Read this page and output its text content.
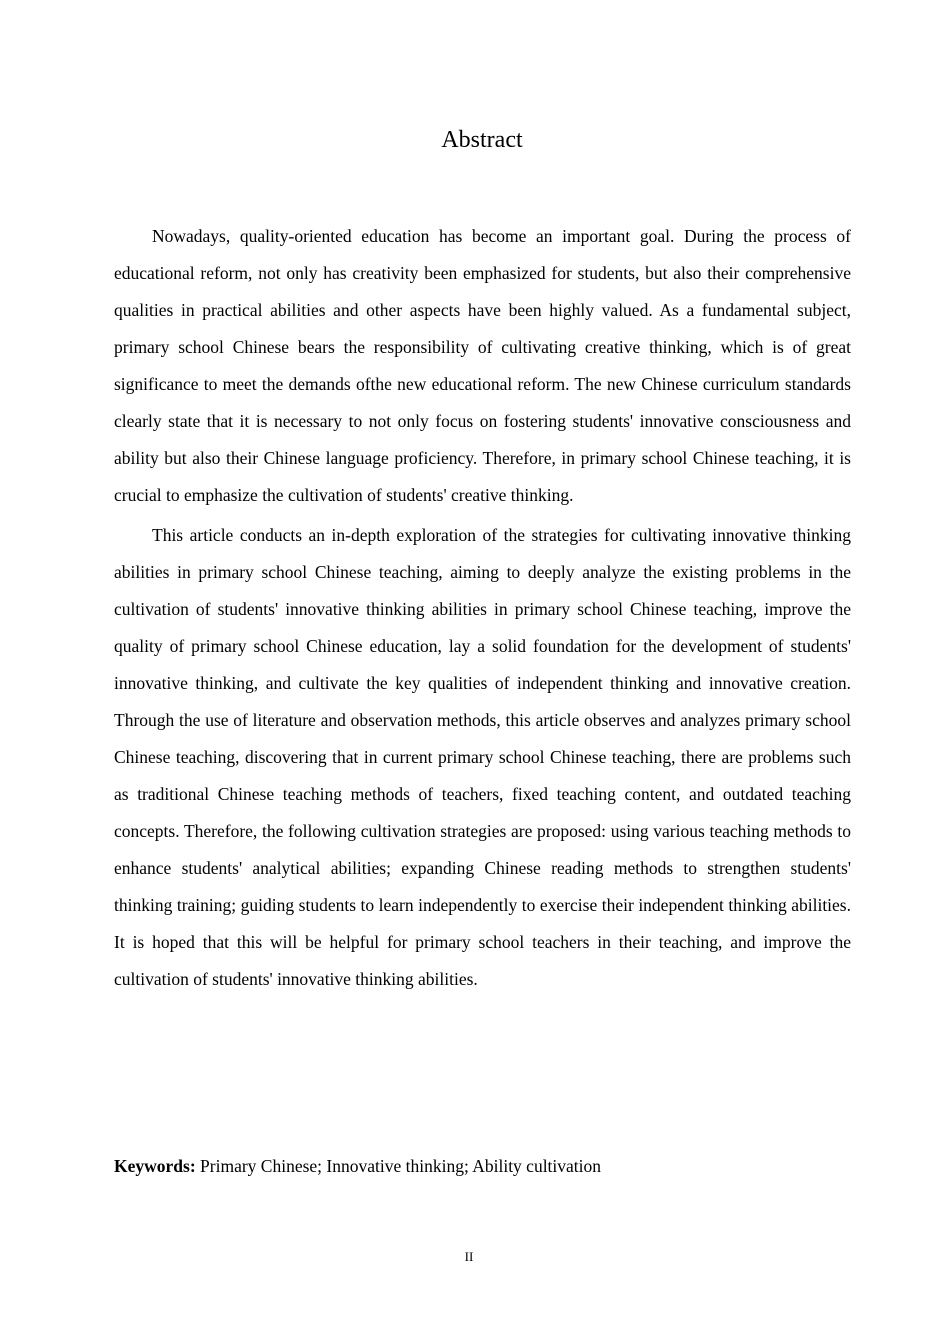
Abstract

Nowadays, quality-oriented education has become an important goal. During the process of educational reform, not only has creativity been emphasized for students, but also their comprehensive qualities in practical abilities and other aspects have been highly valued. As a fundamental subject, primary school Chinese bears the responsibility of cultivating creative thinking, which is of great significance to meet the demands ofthe new educational reform. The new Chinese curriculum standards clearly state that it is necessary to not only focus on fostering students' innovative consciousness and ability but also their Chinese language proficiency. Therefore, in primary school Chinese teaching, it is crucial to emphasize the cultivation of students' creative thinking.

This article conducts an in-depth exploration of the strategies for cultivating innovative thinking abilities in primary school Chinese teaching, aiming to deeply analyze the existing problems in the cultivation of students' innovative thinking abilities in primary school Chinese teaching, improve the quality of primary school Chinese education, lay a solid foundation for the development of students' innovative thinking, and cultivate the key qualities of independent thinking and innovative creation. Through the use of literature and observation methods, this article observes and analyzes primary school Chinese teaching, discovering that in current primary school Chinese teaching, there are problems such as traditional Chinese teaching methods of teachers, fixed teaching content, and outdated teaching concepts. Therefore, the following cultivation strategies are proposed: using various teaching methods to enhance students' analytical abilities; expanding Chinese reading methods to strengthen students' thinking training; guiding students to learn independently to exercise their independent thinking abilities. It is hoped that this will be helpful for primary school teachers in their teaching, and improve the cultivation of students' innovative thinking abilities.

Keywords: Primary Chinese; Innovative thinking; Ability cultivation

II
